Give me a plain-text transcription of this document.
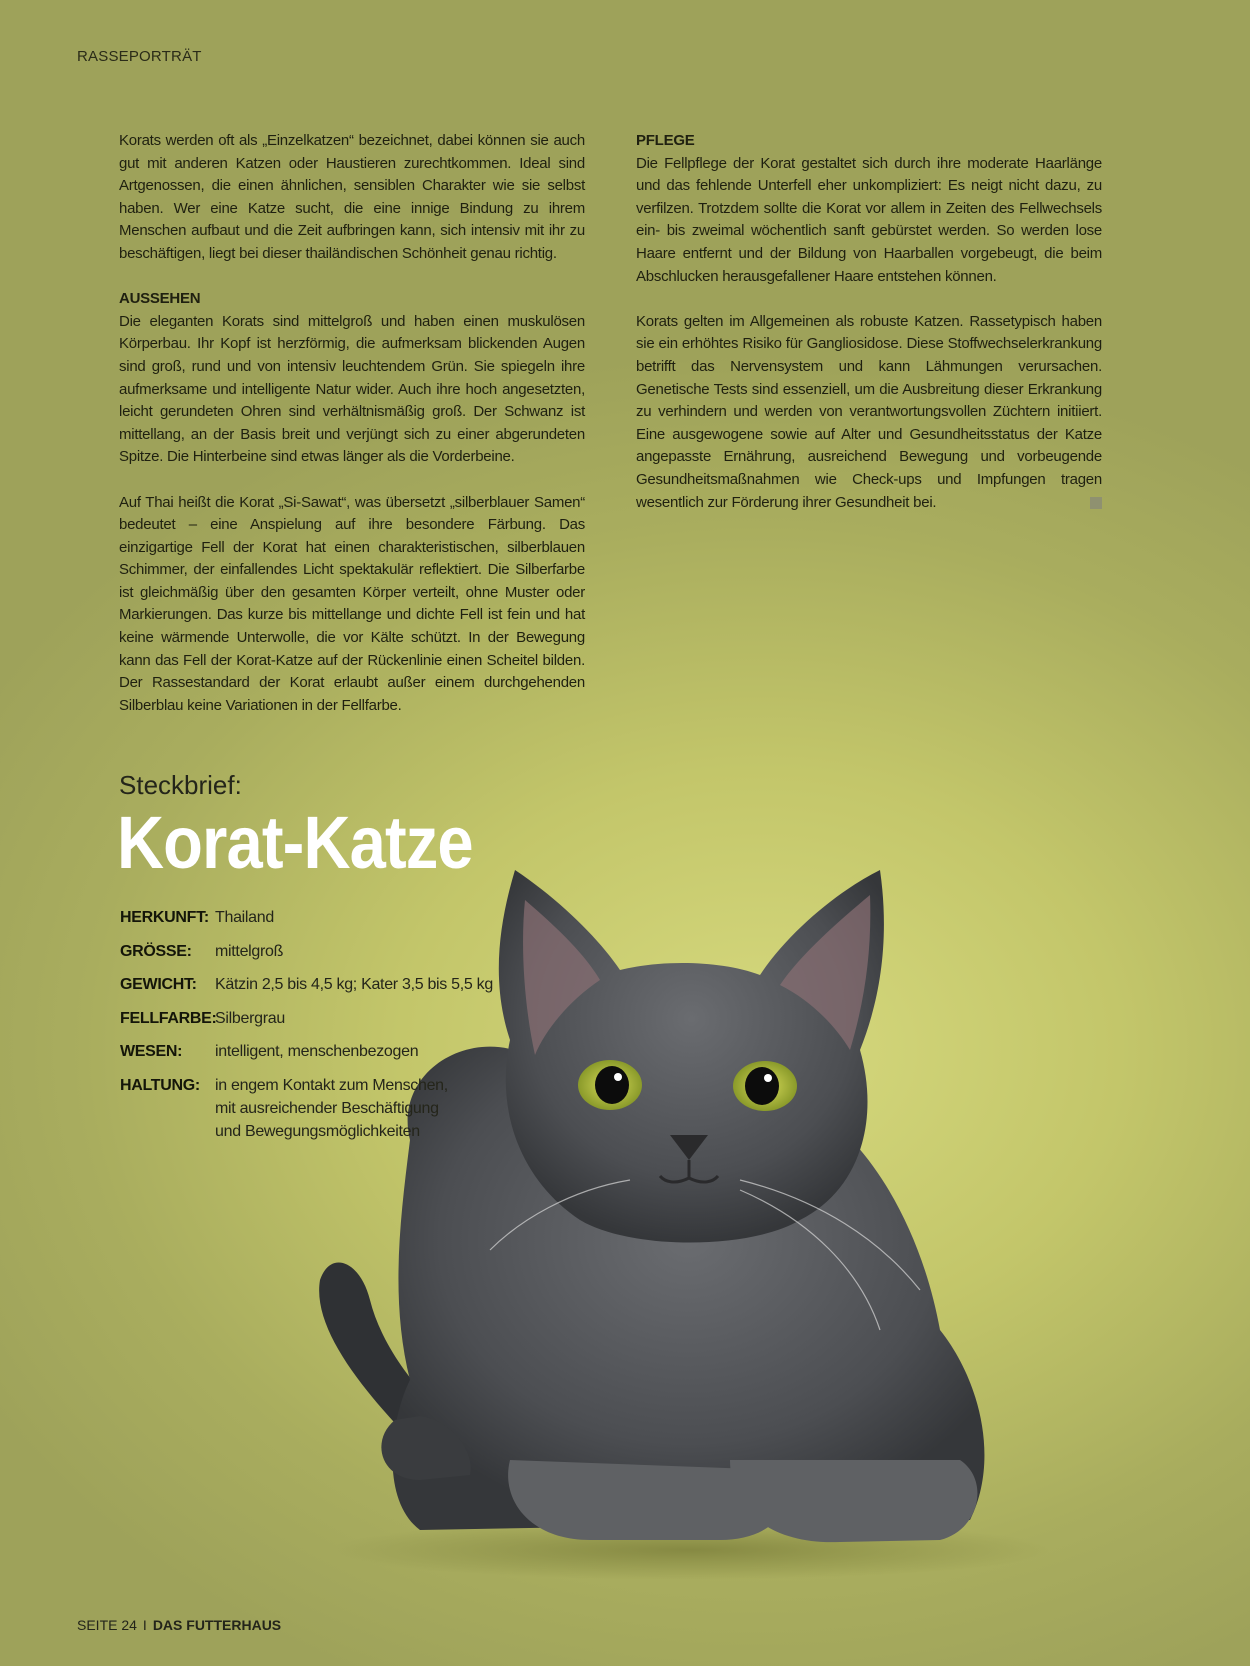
RASSEPORTRÄT

Korats werden oft als „Einzelkatzen“ bezeichnet, dabei können sie auch gut mit anderen Katzen oder Haustieren zurechtkommen. Ideal sind Artgenossen, die einen ähnlichen, sensiblen Charakter wie sie selbst haben. Wer eine Katze sucht, die eine innige Bindung zu ihrem Menschen aufbaut und die Zeit aufbringen kann, sich intensiv mit ihr zu beschäftigen, liegt bei dieser thailändischen Schönheit genau richtig.

AUSSEHEN

Die eleganten Korats sind mittelgroß und haben einen muskulösen Körperbau. Ihr Kopf ist herzförmig, die aufmerksam blickenden Augen sind groß, rund und von intensiv leuchtendem Grün. Sie spiegeln ihre aufmerksame und intelligente Natur wider. Auch ihre hoch angesetzten, leicht gerundeten Ohren sind verhältnismäßig groß. Der Schwanz ist mittellang, an der Basis breit und verjüngt sich zu einer abgerundeten Spitze. Die Hinterbeine sind etwas länger als die Vorderbeine.

Auf Thai heißt die Korat „Si-Sawat“, was übersetzt „silberblauer Samen“ bedeutet – eine Anspielung auf ihre besondere Färbung. Das einzigartige Fell der Korat hat einen charakteristischen, silberblauen Schimmer, der einfallendes Licht spektakulär reflektiert. Die Silberfarbe ist gleichmäßig über den gesamten Körper verteilt, ohne Muster oder Markierungen. Das kurze bis mittellange und dichte Fell ist fein und hat keine wärmende Unterwolle, die vor Kälte schützt. In der Bewegung kann das Fell der Korat-Katze auf der Rückenlinie einen Scheitel bilden. Der Rassestandard der Korat erlaubt außer einem durchgehenden Silberblau keine Variationen in der Fellfarbe.

PFLEGE

Die Fellpflege der Korat gestaltet sich durch ihre moderate Haarlänge und das fehlende Unterfell eher unkompliziert: Es neigt nicht dazu, zu verfilzen. Trotzdem sollte die Korat vor allem in Zeiten des Fellwechsels ein- bis zweimal wöchentlich sanft gebürstet werden. So werden lose Haare entfernt und der Bildung von Haarballen vorgebeugt, die beim Abschlucken herausgefallener Haare entstehen können.

Korats gelten im Allgemeinen als robuste Katzen. Rassetypisch haben sie ein erhöhtes Risiko für Gangliosidose. Diese Stoffwechselerkrankung betrifft das Nervensystem und kann Lähmungen verursachen. Genetische Tests sind essenziell, um die Ausbreitung dieser Erkrankung zu verhindern und werden von verantwortungsvollen Züchtern initiiert. Eine ausgewogene sowie auf Alter und Gesundheitsstatus der Katze angepasste Ernährung, ausreichend Bewegung und vorbeugende Gesundheitsmaßnahmen wie Check-ups und Impfungen tragen wesentlich zur Förderung ihrer Gesundheit bei.

Steckbrief:
Korat-Katze
HERKUNFT: Thailand
GRÖSSE:	mittelgroß
GEWICHT:	Kätzin 2,5 bis 4,5 kg; Kater 3,5 bis 5,5 kg
FELLFARBE:
Silbergrau
WESEN:	intelligent, menschenbezogen
HALTUNG: in engem Kontakt zum Menschen, mit ausreichender Beschäftigung und Bewegungsmöglichkeiten
SEITE 24 I DAS FUTTERHAUS
